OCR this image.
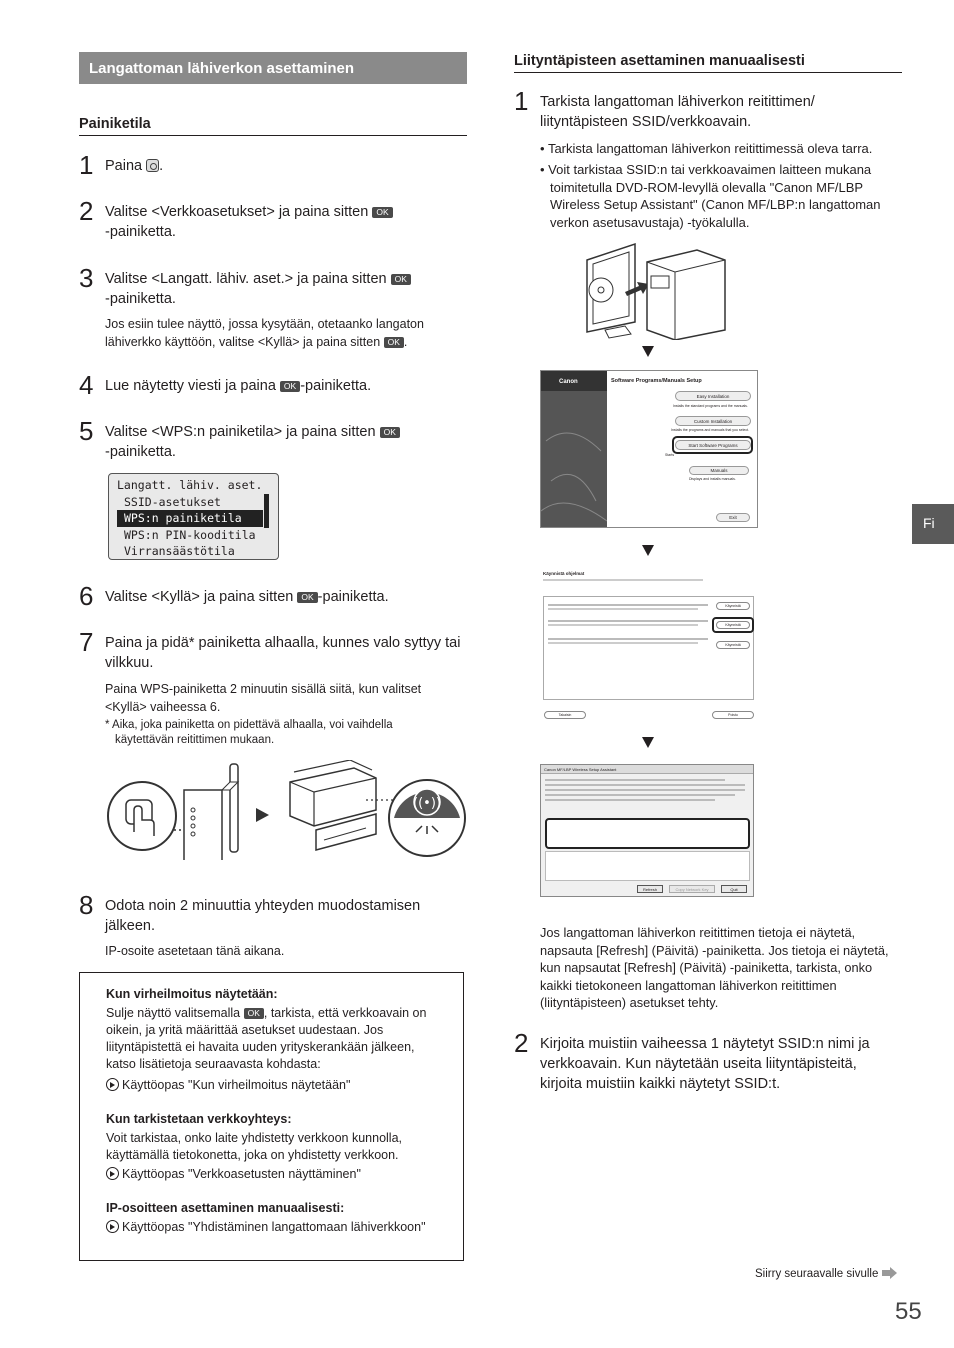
Langattoman lähiverkon asettaminen
Painiketila
1 Paina .
2 Valitse <Verkkoasetukset> ja paina sitten OK
-painiketta.
3 Valitse <Langatt. lähiv. aset.> ja paina sitten OK
-painiketta.
Jos esiin tulee näyttö, jossa kysytään, otetaanko langaton lähiverkko käyttöön, valitse <Kyllä> ja paina sitten OK .
4 Lue näytetty viesti ja paina OK -painiketta.
5 Valitse <WPS:n painiketila> ja paina sitten OK
-painiketta.
Langatt. lähiv. aset.
SSID-asetukset
WPS:n painiketila
WPS:n PIN-kooditila
Virransäästötila
6 Valitse <Kyllä> ja paina sitten OK -painiketta.
7 Paina ja pidä* painiketta alhaalla, kunnes valo syttyy tai vilkkuu.
Paina WPS-painiketta 2 minuutin sisällä siitä, kun valitset <Kyllä> vaiheessa 6.
* Aika, joka painiketta on pidettävä alhaalla, voi vaihdella käytettävän reitittimen mukaan.
((•))
8 Odota noin 2 minuuttia yhteyden muodostamisen jälkeen.
IP-osoite asetetaan tänä aikana.
Kun virheilmoitus näytetään:

Sulje näyttö valitsemalla OK , tarkista, että verkkoavain on oikein, ja yritä määrittää asetukset uudestaan. Jos liityntäpistettä ei havaita uuden yrityskerankään jälkeen, katso lisätietoja seuraavasta kohdasta:

Käyttöopas "Kun virheilmoitus näytetään"

Kun tarkistetaan verkkoyhteys:

Voit tarkistaa, onko laite yhdistetty verkkoon kunnolla, käyttämällä tietokonetta, joka on yhdistetty verkkoon.

Käyttöopas "Verkkoasetusten näyttäminen"

IP-osoitteen asettaminen manuaalisesti:

Käyttöopas "Yhdistäminen langattomaan lähiverkkoon"

Liityntäpisteen asettaminen manuaalisesti
1 Tarkista langattoman lähiverkon reitittimen/ liityntäpisteen SSID/verkkoavain.
• Tarkista langattoman lähiverkon reitittimessä oleva tarra.
• Voit tarkistaa SSID:n tai verkkoavaimen laitteen mukana toimitetulla DVD-ROM-levyllä olevalla "Canon MF/LBP Wireless Setup Assistant" (Canon MF/LBP:n langattoman verkon asetusavustaja) -työkalulla.
Canon	Software Programs/Manuals Setup
Easy Installation
Installs the standard programs and the manuals.
Custom Installation
Installs the programs and manuals that you select.
Start Software Programs
Starts
Manuals
Displays and installs manuals.
Exit
Käynnistä ohjelmat
Käynnistä
Käynnistä
Käynnistä
Takaisin	Poistu
Canon MF/LBP Wireless Setup Assistant
Refresh	Copy Network Key	Quit
Jos langattoman lähiverkon reitittimen tietoja ei näytetä, napsauta [Refresh] (Päivitä) -painiketta. Jos tietoja ei näytetä, kun napsautat [Refresh] (Päivitä) -painiketta, tarkista, onko kaikki tietokoneen langattoman lähiverkon reitittimen (liityntäpisteen) asetukset tehty.
2 Kirjoita muistiin vaiheessa 1 näytetyt SSID:n nimi ja verkkoavain. Kun näytetään useita liityntäpisteitä, kirjoita muistiin kaikki näytetyt SSID:t.
Fi
Siirry seuraavalle sivulle
55
